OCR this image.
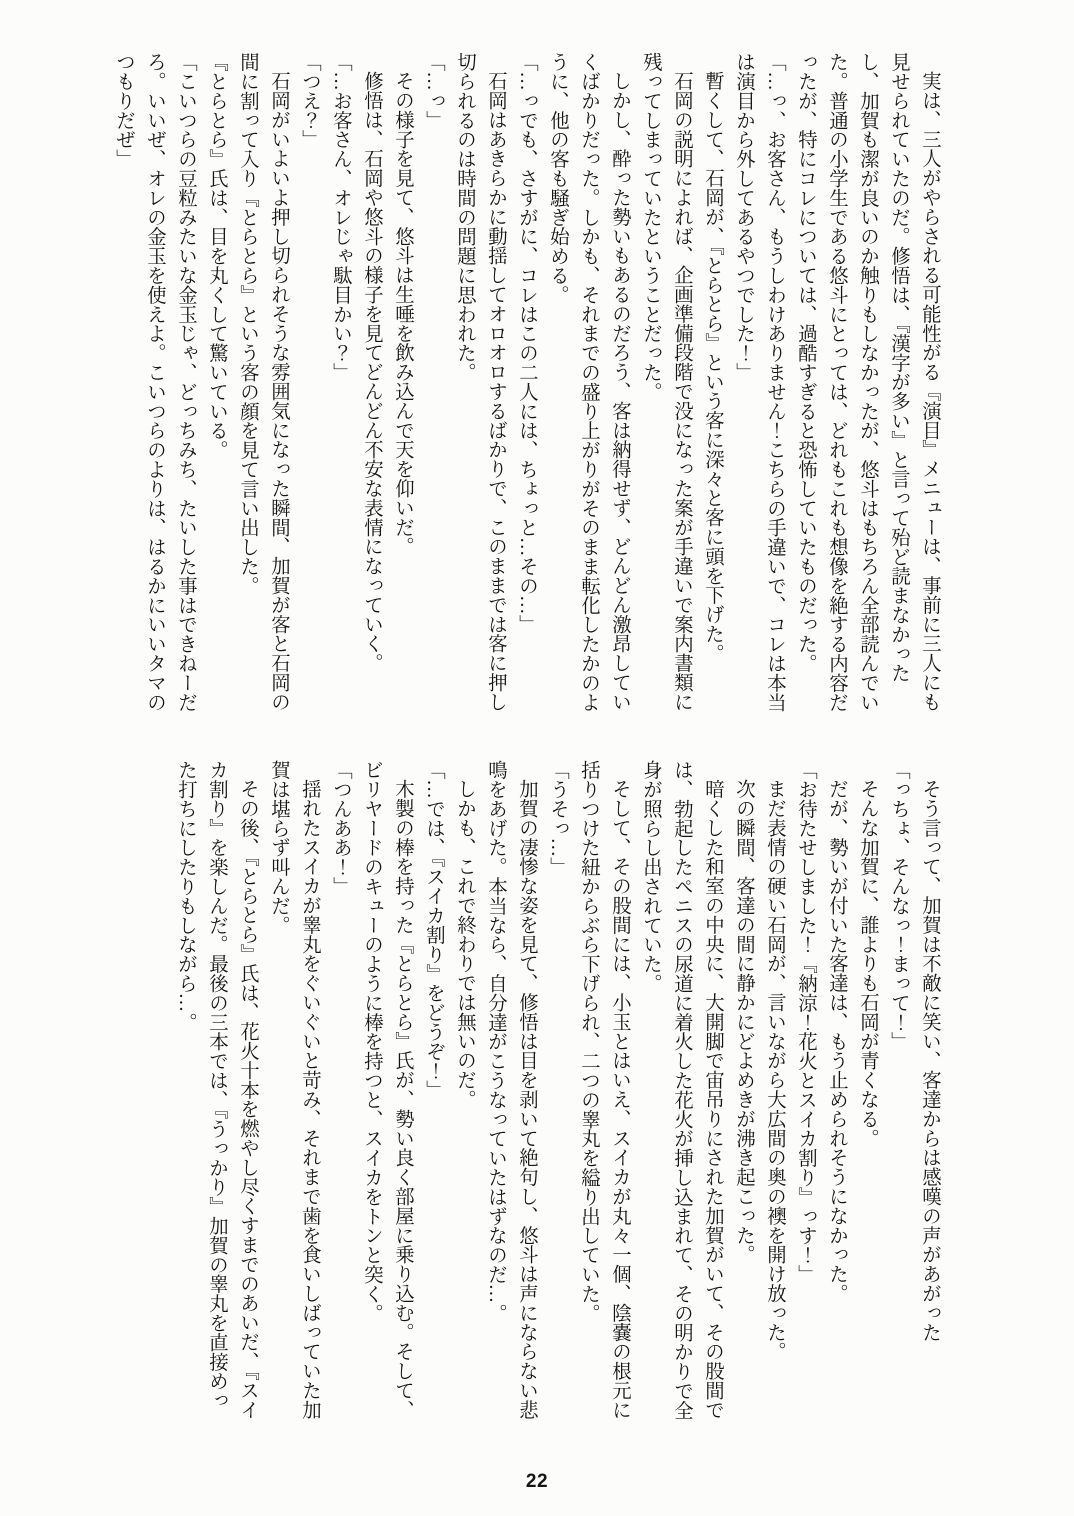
実は、三人がやらされる可能性がる『演目』メニューは、事前に三人にも見せられていたのだ。修悟は、『漢字が多い』と言って殆ど読まなかったし、加賀も潔が良いのか触りもしなかったが、悠斗はもちろん全部読んでいた。普通の小学生である悠斗にとっては、どれもこれも想像を絶する内容だったが、特にコレについては、過酷すぎると恐怖していたものだった。

「…っ、お客さん、もうしわけありません！こちらの手違いで、コレは本当は演目から外してあるやつでした！」

暫くして、石岡が、『とらとら』という客に深々と客に頭を下げた。

石岡の説明によれば、企画準備段階で没になった案が手違いで案内書類に残ってしまっていたということだった。

しかし、酔った勢いもあるのだろう、客は納得せず、どんどん激昂していくばかりだった。しかも、それまでの盛り上がりがそのまま転化したかのように、他の客も騒ぎ始める。

「…っでも、さすがに、コレはこの二人には、ちょっと…その…」

石岡はあきらかに動揺してオロオロするばかりで、このままでは客に押し切られるのは時間の問題に思われた。

「…っ」

その様子を見て、悠斗は生唾を飲み込んで天を仰いだ。

修悟は、石岡や悠斗の様子を見てどんどん不安な表情になっていく。

「…お客さん、オレじゃ駄目かい？」

「つえ？」

石岡がいよいよ押し切られそうな雰囲気になった瞬間、加賀が客と石岡の間に割って入り『とらとら』という客の顔を見て言い出した。

『とらとら』氏は、目を丸くして驚いている。

「こいつらの豆粒みたいな金玉じゃ、どっちみち、たいした事はできねーだろ。いいぜ、オレの金玉を使えよ。こいつらのよりは、はるかにいいタマのつもりだぜ」

そう言って、加賀は不敵に笑い、客達からは感嘆の声があがった

「っちょ、そんなっ！まって！」

そんな加賀に、誰よりも石岡が青くなる。

だが、勢いが付いた客達は、もう止められそうになかった。

「お待たせしました！『納涼！花火とスイカ割り』っす！」

まだ表情の硬い石岡が、言いながら大広間の奥の襖を開け放った。

次の瞬間、客達の間に静かにどよめきが沸き起こった。

暗くした和室の中央に、大開脚で宙吊りにされた加賀がいて、その股間では、勃起したペニスの尿道に着火した花火が挿し込まれて、その明かりで全身が照らし出されていた。

そして、その股間には、小玉とはいえ、スイカが丸々一個、陰嚢の根元に括りつけた紐からぶら下げられ、二つの睾丸を縊り出していた。

「うそっ…」

加賀の凄惨な姿を見て、修悟は目を剥いて絶句し、悠斗は声にならない悲鳴をあげた。本当なら、自分達がこうなっていたはずなのだ…。

しかも、これで終わりでは無いのだ。

「…では、『スイカ割り』をどうぞ！」

木製の棒を持った『とらとら』氏が、勢い良く部屋に乗り込む。そして、ビリヤードのキューのように棒を持つと、スイカをトンと突く。

「つんああ！」

揺れたスイカが睾丸をぐいぐいと苛み、それまで歯を食いしばっていた加賀は堪らず叫んだ。

その後、『とらとら』氏は、花火十本を燃やし尽くすまでのあいだ、『スイカ割り』を楽しんだ。最後の三本では、『うっかり』加賀の睾丸を直接めった打ちにしたりもしながら…。

22
